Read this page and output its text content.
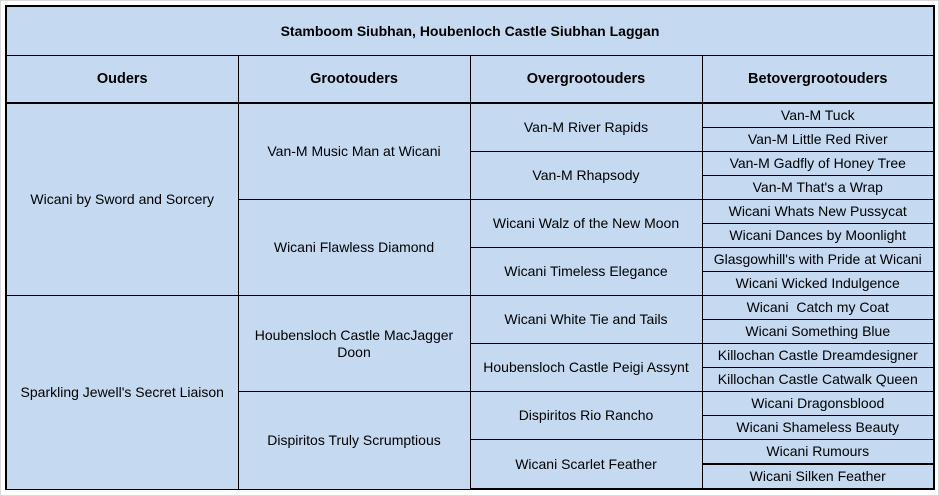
Stamboom Siubhan, Houbenloch Castle Siubhan Laggan			
Ouders	Grootouders	Overgrootouders	Betovergrootouders
Wicani by Sword and Sorcery	Van-M Music Man at Wicani	Van-M River Rapids	Van-M Tuck
			Van-M Little Red River
		Van-M Rhapsody	Van-M Gadfly of Honey Tree
			Van-M That's a Wrap
	Wicani Flawless Diamond	Wicani Walz of the New Moon	Wicani Whats New Pussycat
			Wicani Dances by Moonlight
		Wicani Timeless Elegance	Glasgowhill's with Pride at Wicani
			Wicani Wicked Indulgence
Sparkling Jewell's Secret Liaison	Houbensloch Castle MacJagger Doon	Wicani White Tie and Tails	Wicani  Catch my Coat
			Wicani Something Blue
		Houbensloch Castle Peigi Assynt	Killochan Castle Dreamdesigner
			Killochan Castle Catwalk Queen
	Dispiritos Truly Scrumptious	Dispiritos Rio Rancho	Wicani Dragonsblood
			Wicani Shameless Beauty
		Wicani Scarlet Feather	Wicani Rumours
			Wicani Silken Feather
